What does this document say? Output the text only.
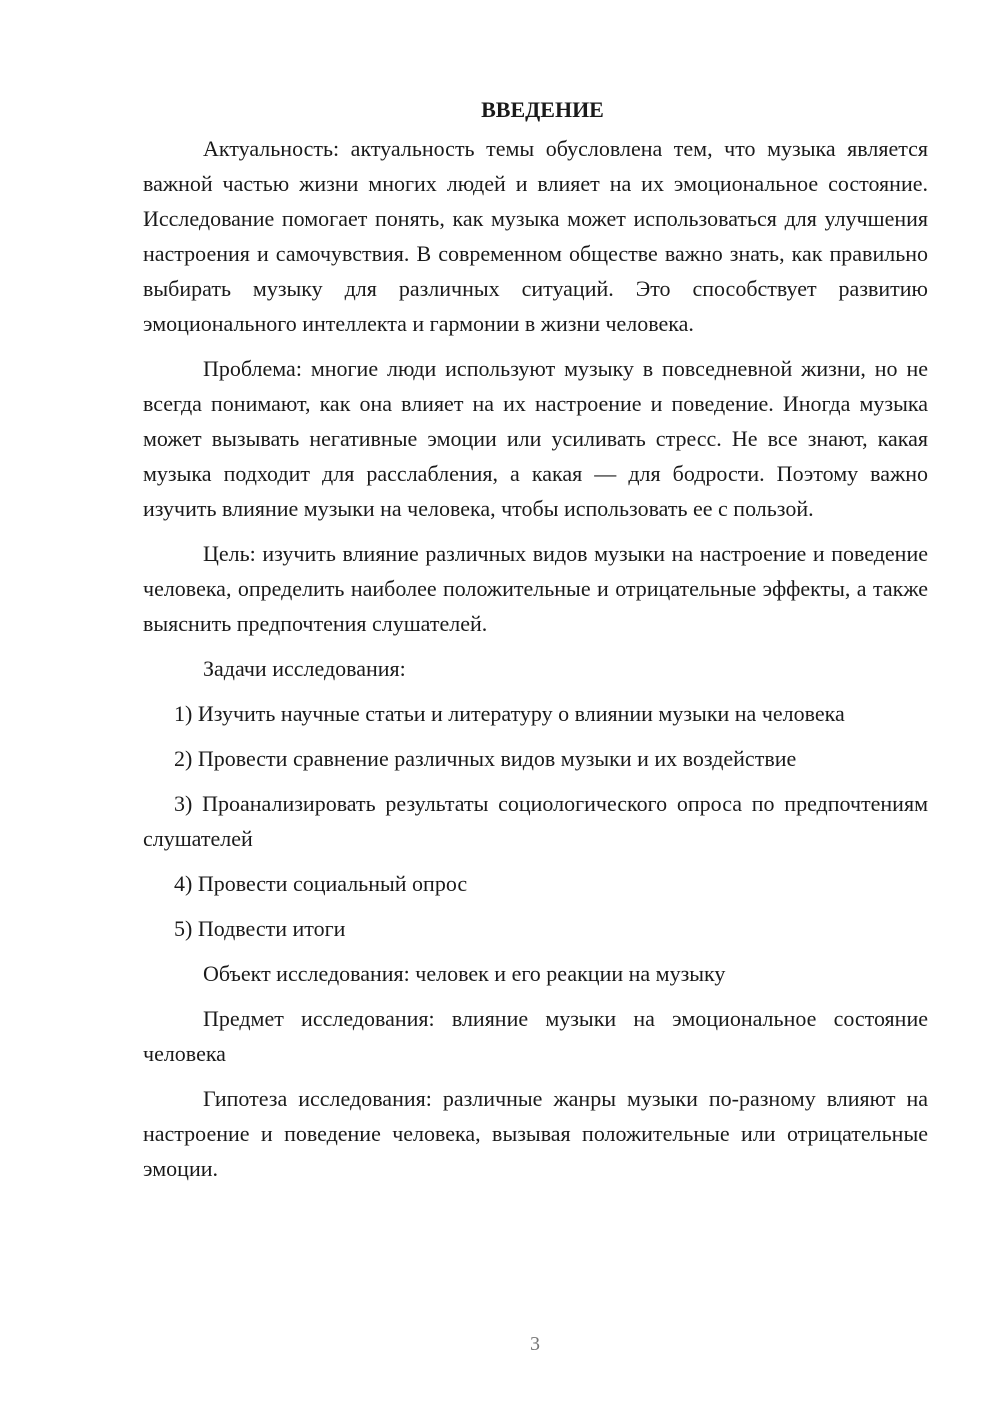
ВВЕДЕНИЕ

Актуальность: актуальность темы обусловлена тем, что музыка является важной частью жизни многих людей и влияет на их эмоциональное состояние. Исследование помогает понять, как музыка может использоваться для улучшения настроения и самочувствия. В современном обществе важно знать, как правильно выбирать музыку для различных ситуаций. Это способствует развитию эмоционального интеллекта и гармонии в жизни человека.

Проблема: многие люди используют музыку в повседневной жизни, но не всегда понимают, как она влияет на их настроение и поведение. Иногда музыка может вызывать негативные эмоции или усиливать стресс. Не все знают, какая музыка подходит для расслабления, а какая — для бодрости. Поэтому важно изучить влияние музыки на человека, чтобы использовать ее с пользой.

Цель: изучить влияние различных видов музыки на настроение и поведение человека, определить наиболее положительные и отрицательные эффекты, а также выяснить предпочтения слушателей.

Задачи исследования:

1) Изучить научные статьи и литературу о влиянии музыки на человека

2) Провести сравнение различных видов музыки и их воздействие

3) Проанализировать результаты социологического опроса по предпочтениям слушателей

4) Провести социальный опрос

5) Подвести итоги

Объект исследования: человек и его реакции на музыку

Предмет исследования: влияние музыки на эмоциональное состояние человека

Гипотеза исследования: различные жанры музыки по-разному влияют на настроение и поведение человека, вызывая положительные или отрицательные эмоции.

3
